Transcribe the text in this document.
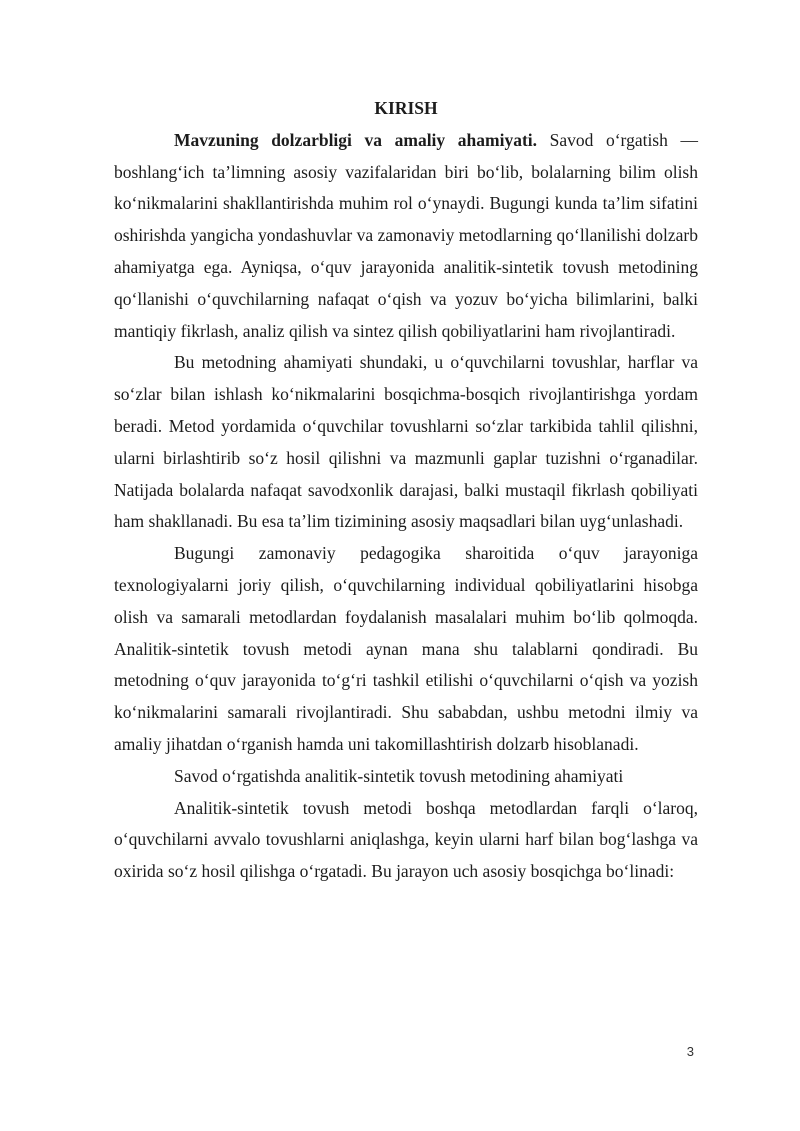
KIRISH

Mavzuning dolzarbligi va amaliy ahamiyati. Savod o‘rgatish — boshlang‘ich ta’limning asosiy vazifalaridan biri bo‘lib, bolalarning bilim olish ko‘nikmalarini shakllantirishda muhim rol o‘ynaydi. Bugungi kunda ta’lim sifatini oshirishda yangicha yondashuvlar va zamonaviy metodlarning qo‘llanilishi dolzarb ahamiyatga ega. Ayniqsa, o‘quv jarayonida analitik-sintetik tovush metodining qo‘llanishi o‘quvchilarning nafaqat o‘qish va yozuv bo‘yicha bilimlarini, balki mantiqiy fikrlash, analiz qilish va sintez qilish qobiliyatlarini ham rivojlantiradi.

Bu metodning ahamiyati shundaki, u o‘quvchilarni tovushlar, harflar va so‘zlar bilan ishlash ko‘nikmalarini bosqichma-bosqich rivojlantirishga yordam beradi. Metod yordamida o‘quvchilar tovushlarni so‘zlar tarkibida tahlil qilishni, ularni birlashtirib so‘z hosil qilishni va mazmunli gaplar tuzishni o‘rganadilar. Natijada bolalarda nafaqat savodxonlik darajasi, balki mustaqil fikrlash qobiliyati ham shakllanadi. Bu esa ta’lim tizimining asosiy maqsadlari bilan uyg‘unlashadi.

Bugungi zamonaviy pedagogika sharoitida o‘quv jarayoniga texnologiyalarni joriy qilish, o‘quvchilarning individual qobiliyatlarini hisobga olish va samarali metodlardan foydalanish masalalari muhim bo‘lib qolmoqda. Analitik-sintetik tovush metodi aynan mana shu talablarni qondiradi. Bu metodning o‘quv jarayonida to‘g‘ri tashkil etilishi o‘quvchilarni o‘qish va yozish ko‘nikmalarini samarali rivojlantiradi. Shu sababdan, ushbu metodni ilmiy va amaliy jihatdan o‘rganish hamda uni takomillashtirish dolzarb hisoblanadi.

Savod o‘rgatishda analitik-sintetik tovush metodining ahamiyati

Analitik-sintetik tovush metodi boshqa metodlardan farqli o‘laroq, o‘quvchilarni avvalo tovushlarni aniqlashga, keyin ularni harf bilan bog‘lashga va oxirida so‘z hosil qilishga o‘rgatadi. Bu jarayon uch asosiy bosqichga bo‘linadi:

3
